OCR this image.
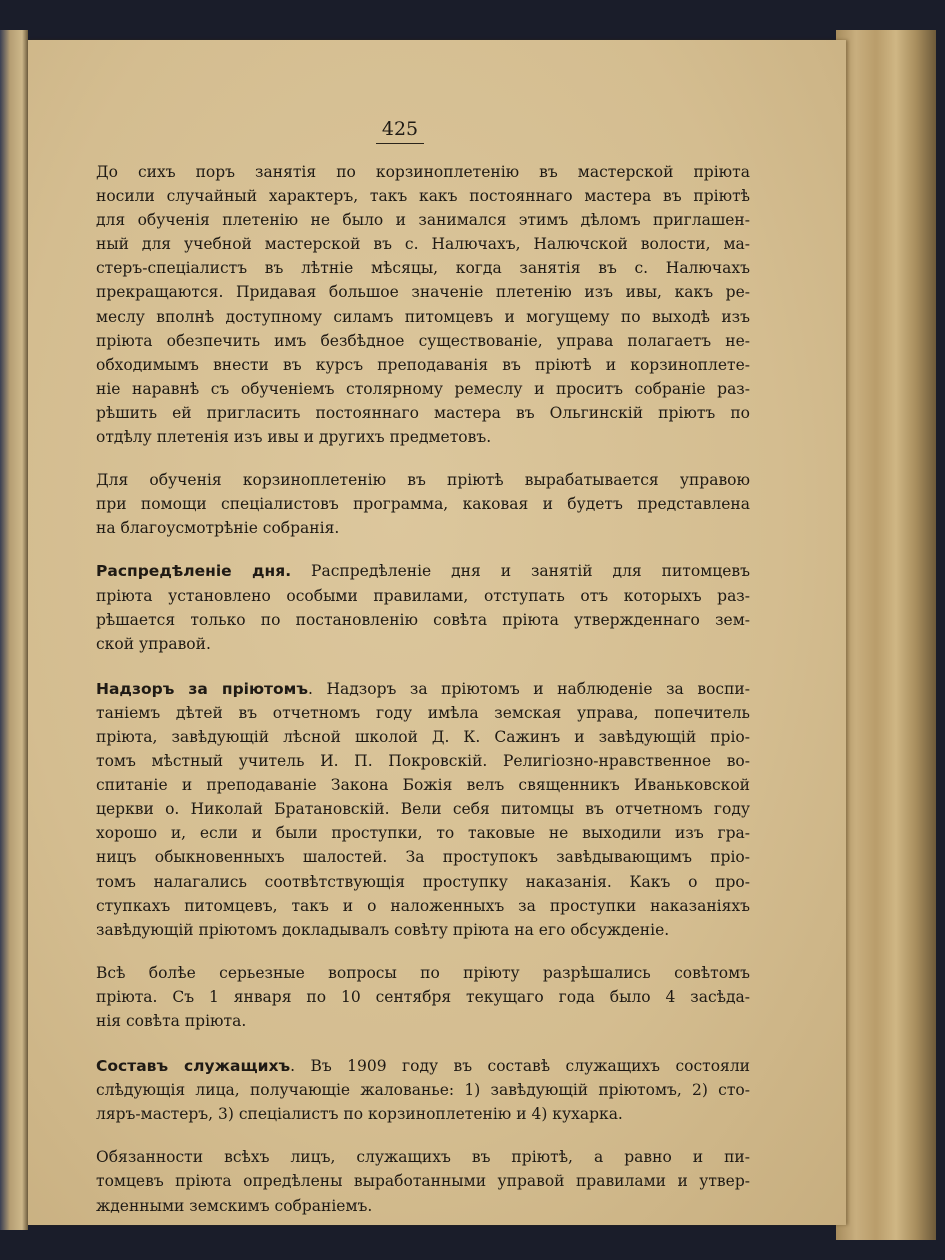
425
До сихъ поръ занятія по корзиноплетенію въ мастерской пріюта
носили случайный характеръ, такъ какъ постояннаго мастера въ пріютѣ
для обученія плетенію не было и занимался этимъ дѣломъ приглашен-
ный для учебной мастерской въ с. Налючахъ, Налючской волости, ма-
стеръ-спеціалистъ въ лѣтніе мѣсяцы, когда занятія въ с. Налючахъ
прекращаются. Придавая большое значеніе плетенію изъ ивы, какъ ре-
меслу вполнѣ доступному силамъ питомцевъ и могущему по выходѣ изъ
пріюта обезпечить имъ безбѣдное существованіе, управа полагаетъ не-
обходимымъ внести въ курсъ преподаванія въ пріютѣ и корзиноплете-
ніе наравнѣ съ обученіемъ столярному ремеслу и проситъ собраніе раз-
рѣшить ей пригласить постояннаго мастера въ Ольгинскій пріютъ по
отдѣлу плетенія изъ ивы и другихъ предметовъ.
Для обученія корзиноплетенію въ пріютѣ вырабатывается управою
при помощи спеціалистовъ программа, каковая и будетъ представлена
на благоусмотрѣніе собранія.
Распредѣленіе дня. Распредѣленіе дня и занятій для питомцевъ
пріюта установлено особыми правилами, отступать отъ которыхъ раз-
рѣшается только по постановленію совѣта пріюта утвержденнаго зем-
ской управой.
Надзоръ за пріютомъ. Надзоръ за пріютомъ и наблюденіе за воспи-
таніемъ дѣтей въ отчетномъ году имѣла земская управа, попечитель
пріюта, завѣдующій лѣсной школой Д. К. Сажинъ и завѣдующій пріо-
томъ мѣстный учитель И. П. Покровскій. Религіозно-нравственное во-
спитаніе и преподаваніе Закона Божія велъ священникъ Иваньковской
церкви о. Николай Братановскій. Вели себя питомцы въ отчетномъ году
хорошо и, если и были проступки, то таковые не выходили изъ гра-
ницъ обыкновенныхъ шалостей. За проступокъ завѣдывающимъ пріо-
томъ налагались соотвѣтствующія проступку наказанія. Какъ о про-
ступкахъ питомцевъ, такъ и о наложенныхъ за проступки наказаніяхъ
завѣдующій пріютомъ докладывалъ совѣту пріюта на его обсужденіе.
Всѣ болѣе серьезные вопросы по пріюту разрѣшались совѣтомъ
пріюта. Съ 1 января по 10 сентября текущаго года было 4 засѣда-
нія совѣта пріюта.
Составъ служащихъ. Въ 1909 году въ составѣ служащихъ состояли
слѣдующія лица, получающіе жалованье: 1) завѣдующій пріютомъ, 2) сто-
ляръ-мастеръ, 3) спеціалистъ по корзиноплетенію и 4) кухарка.
Обязанности всѣхъ лицъ, служащихъ въ пріютѣ, а равно и пи-
томцевъ пріюта опредѣлены выработанными управой правилами и утвер-
жденными земскимъ собраніемъ.
